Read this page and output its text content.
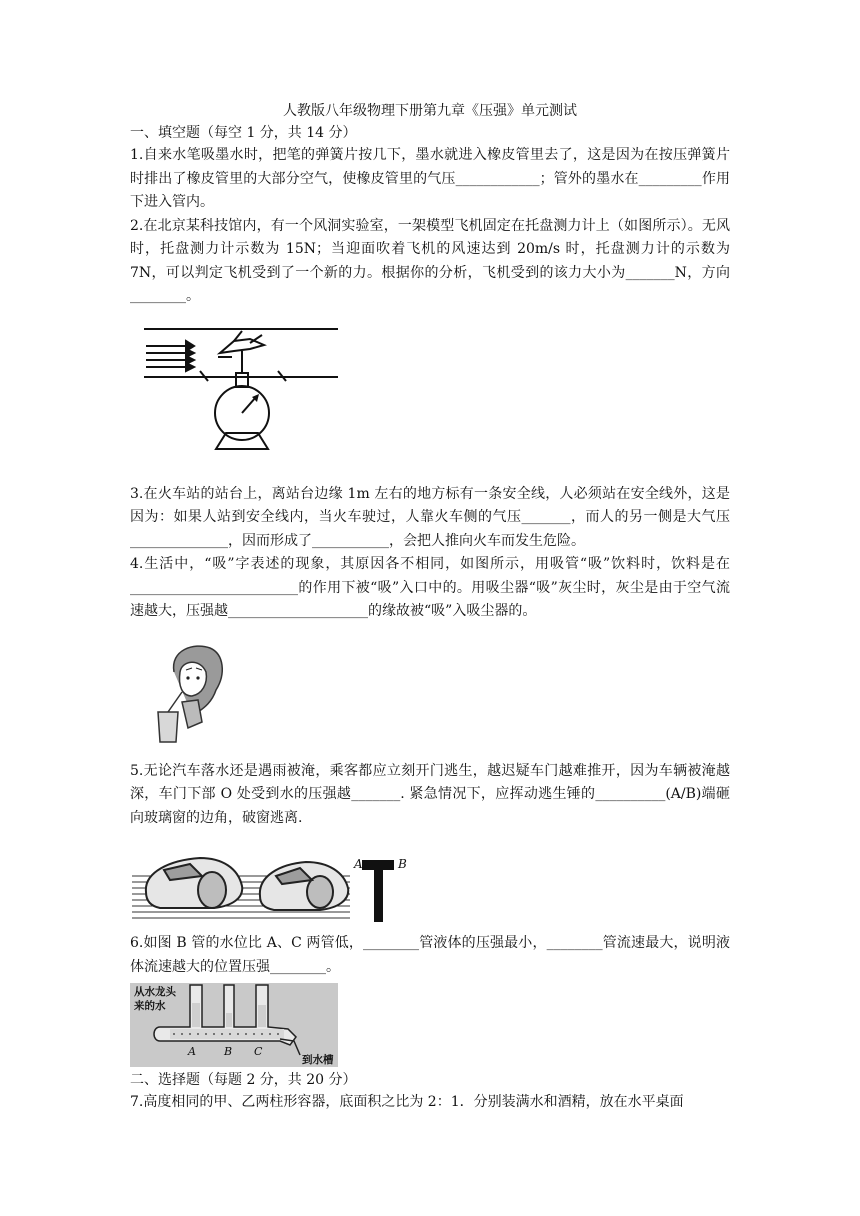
人教版八年级物理下册第九章《压强》单元测试

一、填空题（每空 1 分，共 14 分）

1.自来水笔吸墨水时，把笔的弹簧片按几下，墨水就进入橡皮管里去了，这是因为在按压弹簧片时排出了橡皮管里的大部分空气，使橡皮管里的气压____________；管外的墨水在_________作用下进入管内。

2.在北京某科技馆内，有一个风洞实验室，一架模型飞机固定在托盘测力计上（如图所示）。无风时，托盘测力计示数为 15N；当迎面吹着飞机的风速达到 20m/s 时，托盘测力计的示数为 7N，可以判定飞机受到了一个新的力。根据你的分析，飞机受到的该力大小为_______N，方向________。

3.在火车站的站台上，离站台边缘 1m 左右的地方标有一条安全线，人必须站在安全线外，这是因为：如果人站到安全线内，当火车驶过，人靠火车侧的气压_______，而人的另一侧是大气压______________，因而形成了___________，会把人推向火车而发生危险。

4.生活中，“吸”字表述的现象，其原因各不相同，如图所示，用吸管“吸”饮料时，饮料是在________________________的作用下被“吸”入口中的。用吸尘器“吸”灰尘时，灰尘是由于空气流速越大，压强越____________________的缘故被“吸”入吸尘器的。

5.无论汽车落水还是遇雨被淹，乘客都应立刻开门逃生，越迟疑车门越难推开，因为车辆被淹越深，车门下部 O 处受到水的压强越_______. 紧急情况下，应挥动逃生锤的__________(A/B)端砸向玻璃窗的边角，破窗逃离.

A	B

6.如图 B 管的水位比 A、C 两管低，________管液体的压强最小，________管流速最大，说明液体流速越大的位置压强________。

从水龙头
来的水
A	B C
到水槽

二、选择题（每题 2 分，共 20 分）

7.高度相同的甲、乙两柱形容器，底面积之比为 2：1．分别装满水和酒精，放在水平桌面
